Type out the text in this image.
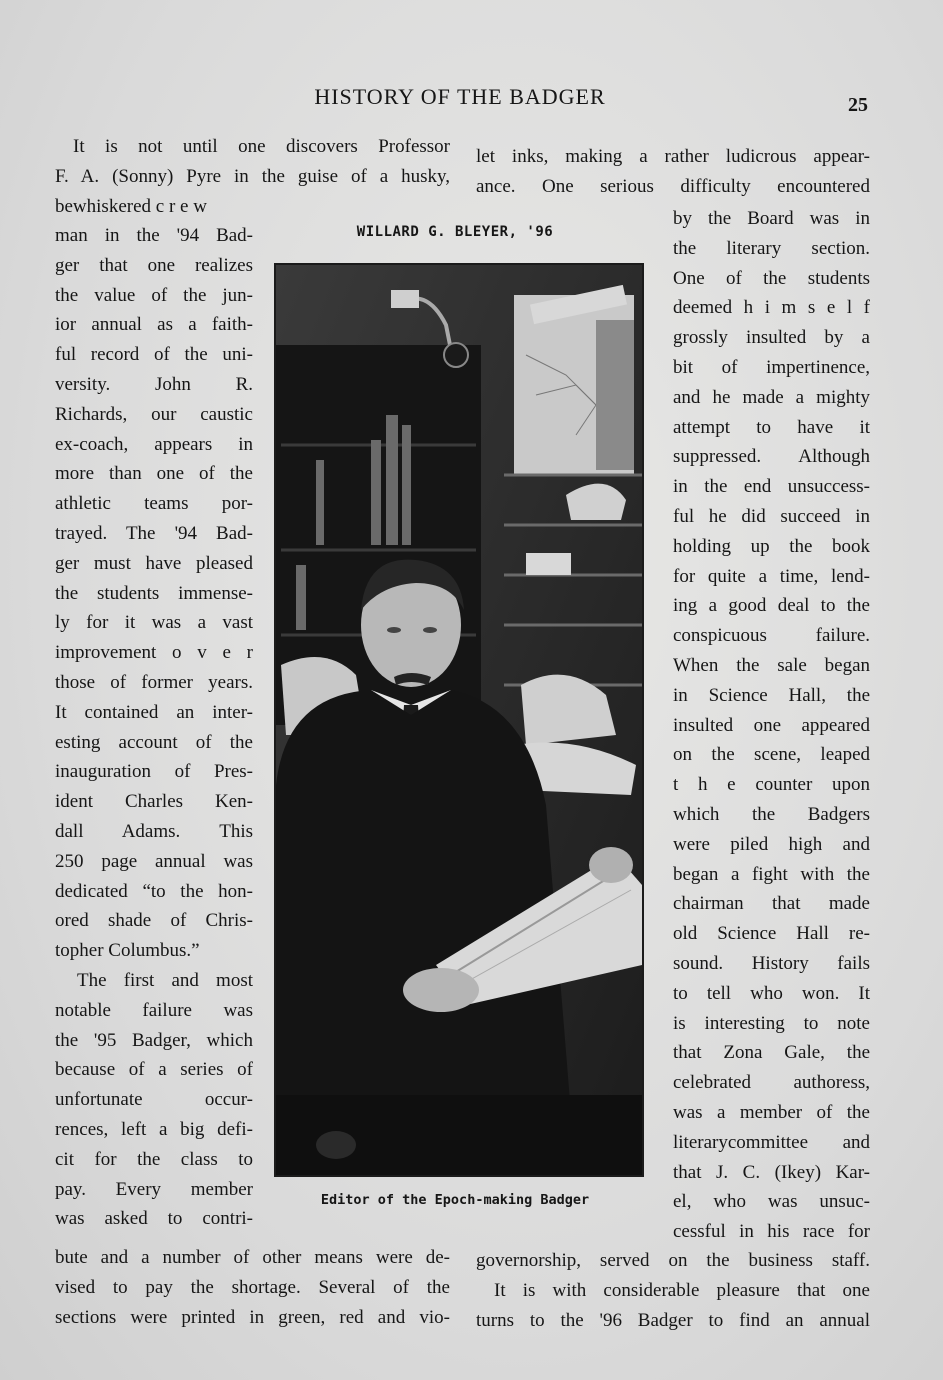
HISTORY OF THE BADGER	25
It is not until one discovers Professor
F. A. (Sonny) Pyre in the guise of a husky,
bewhiskered c r e w
man in the '94 Bad-
ger that one realizes
the value of the jun-
ior annual as a faith-
ful record of the uni-
versity. John R.
Richards, our caustic
ex-coach, appears in
more than one of the
athletic teams por-
trayed. The '94 Bad-
ger must have pleased
the students immense-
ly for it was a vast
improvement o v e r
those of former years.
It contained an inter-
esting account of the
inauguration of Pres-
ident Charles Ken-
dall Adams. This
250 page annual was
dedicated “to the hon-
ored shade of Chris-
topher Columbus.”
The first and most
notable failure was
the '95 Badger, which
because of a series of
unfortunate occur-
rences, left a big defi-
cit for the class to
pay. Every member
was asked to contri-
bute and a number of other means were de-
vised to pay the shortage. Several of the
sections were printed in green, red and vio-
let inks, making a rather ludicrous appear-
ance. One serious difficulty encountered
by the Board was in
the literary section.
One of the students
deemed h i m s e l f
grossly insulted by a
bit of impertinence,
and he made a mighty
attempt to have it
suppressed. Although
in the end unsuccess-
ful he did succeed in
holding up the book
for quite a time, lend-
ing a good deal to the
conspicuous failure.
When the sale began
in Science Hall, the
insulted one appeared
on the scene, leaped
t h e counter upon
which the Badgers
were piled high and
began a fight with the
chairman that made
old Science Hall re-
sound. History fails
to tell who won. It
is interesting to note
that Zona Gale, the
celebrated authoress,
was a member of the
literarycommittee and
that J. C. (Ikey) Kar-
el, who was unsuc-
cessful in his race for
governorship, served on the business staff.
It is with considerable pleasure that one
turns to the '96 Badger to find an annual
WILLARD G. BLEYER, '96
Editor of the Epoch-making Badger
